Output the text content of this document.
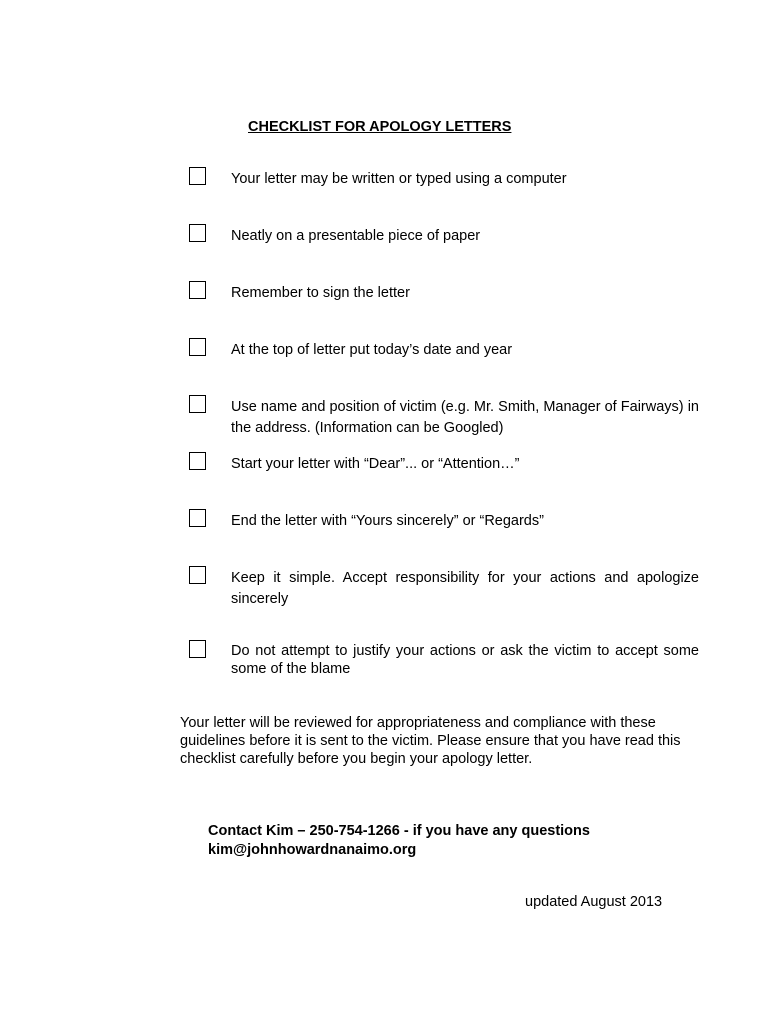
CHECKLIST FOR APOLOGY LETTERS
Your letter may be written or typed using a computer
Neatly on a presentable piece of paper
Remember to sign the letter
At the top of letter put today’s date and year
Use name and position of victim (e.g. Mr. Smith, Manager of Fairways) in the address. (Information can be Googled)
Start your letter with “Dear”... or “Attention…”
End the letter with “Yours sincerely” or “Regards”
Keep it simple. Accept responsibility for your actions and apologize sincerely
Do not attempt to justify your actions or ask the victim to accept some some of the blame
Your letter will be reviewed for appropriateness and compliance with these guidelines before it is sent to the victim. Please ensure that you have read this checklist carefully before you begin your apology letter.
Contact Kim – 250-754-1266 - if you have any questions
kim@johnhowardnanaimo.org
updated August 2013
